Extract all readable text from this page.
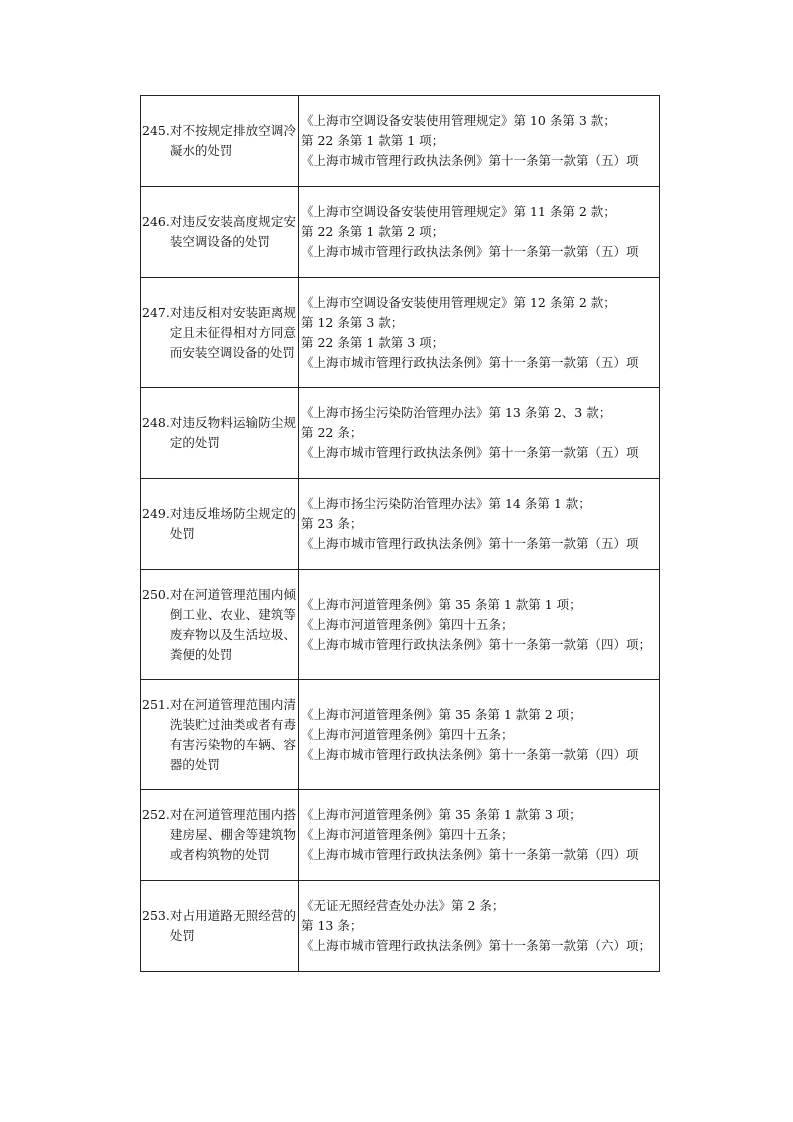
245. 对不按规定排放空调冷凝水的处罚	《上海市空调设备安装使用管理规定》第 10 条第 3 款；
第 22 条第 1 款第 1 项；
《上海市城市管理行政执法条例》第十一条第一款第（五）项

246. 对违反安装高度规定安装空调设备的处罚	《上海市空调设备安装使用管理规定》第 11 条第 2 款；
第 22 条第 1 款第 2 项；
《上海市城市管理行政执法条例》第十一条第一款第（五）项

247. 对违反相对安装距离规定且未征得相对方同意而安装空调设备的处罚	《上海市空调设备安装使用管理规定》第 12 条第 2 款；
第 12 条第 3 款；
第 22 条第 1 款第 3 项；
《上海市城市管理行政执法条例》第十一条第一款第（五）项

248. 对违反物料运输防尘规定的处罚	《上海市扬尘污染防治管理办法》第 13 条第 2、3 款；
第 22 条；
《上海市城市管理行政执法条例》第十一条第一款第（五）项

249. 对违反堆场防尘规定的处罚	《上海市扬尘污染防治管理办法》第 14 条第 1 款；
第 23 条；
《上海市城市管理行政执法条例》第十一条第一款第（五）项

250. 对在河道管理范围内倾倒工业、农业、建筑等废弃物以及生活垃圾、粪便的处罚	《上海市河道管理条例》第 35 条第 1 款第 1 项；
《上海市河道管理条例》第四十五条；
《上海市城市管理行政执法条例》第十一条第一款第（四）项；

251. 对在河道管理范围内清洗装贮过油类或者有毒有害污染物的车辆、容器的处罚	《上海市河道管理条例》第 35 条第 1 款第 2 项；
《上海市河道管理条例》第四十五条；
《上海市城市管理行政执法条例》第十一条第一款第（四）项

252. 对在河道管理范围内搭建房屋、棚舍等建筑物或者构筑物的处罚	《上海市河道管理条例》第 35 条第 1 款第 3 项；
《上海市河道管理条例》第四十五条；
《上海市城市管理行政执法条例》第十一条第一款第（四）项

253. 对占用道路无照经营的处罚	《无证无照经营查处办法》第 2 条；
第 13 条；
《上海市城市管理行政执法条例》第十一条第一款第（六）项；
